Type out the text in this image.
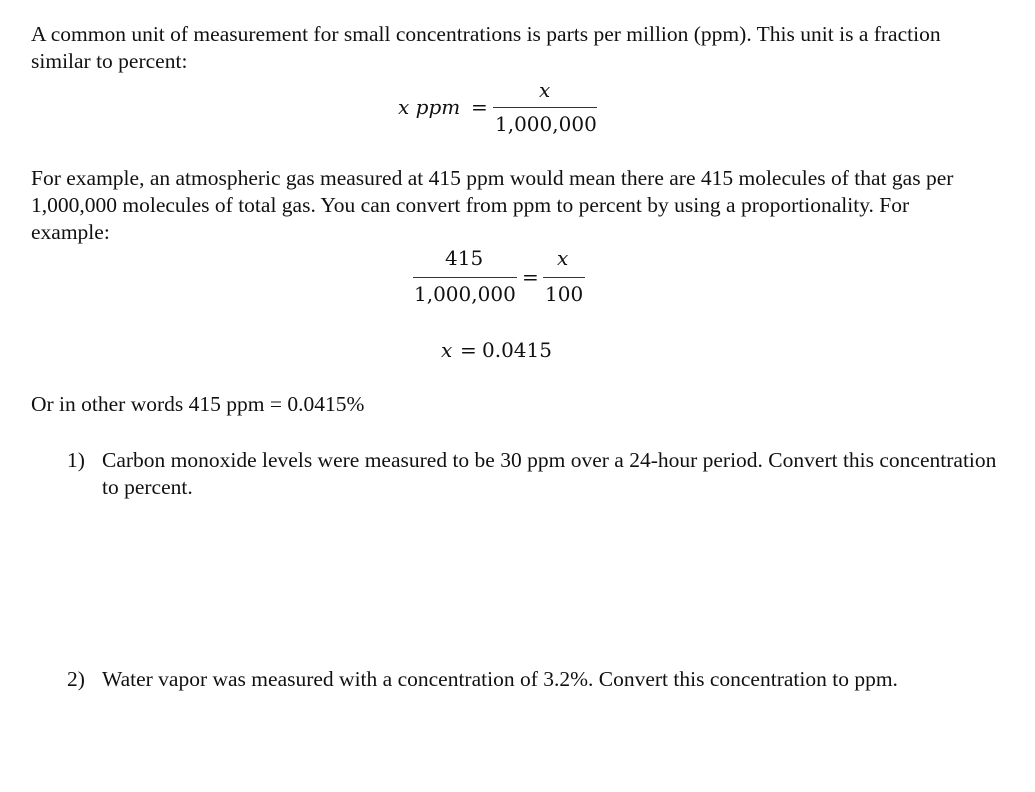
A common unit of measurement for small concentrations is parts per million (ppm). This unit is a fraction similar to percent:
x ppm =
x
1,000,000
For example, an atmospheric gas measured at 415 ppm would mean there are 415 molecules of that gas per 1,000,000 molecules of total gas. You can convert from ppm to percent by using a proportionality. For example:
415
1,000,000
=
x
100
x = 0.0415
Or in other words 415 ppm = 0.0415%
1) Carbon monoxide levels were measured to be 30 ppm over a 24-hour period. Convert this concentration to percent.
2) Water vapor was measured with a concentration of 3.2%. Convert this concentration to ppm.
